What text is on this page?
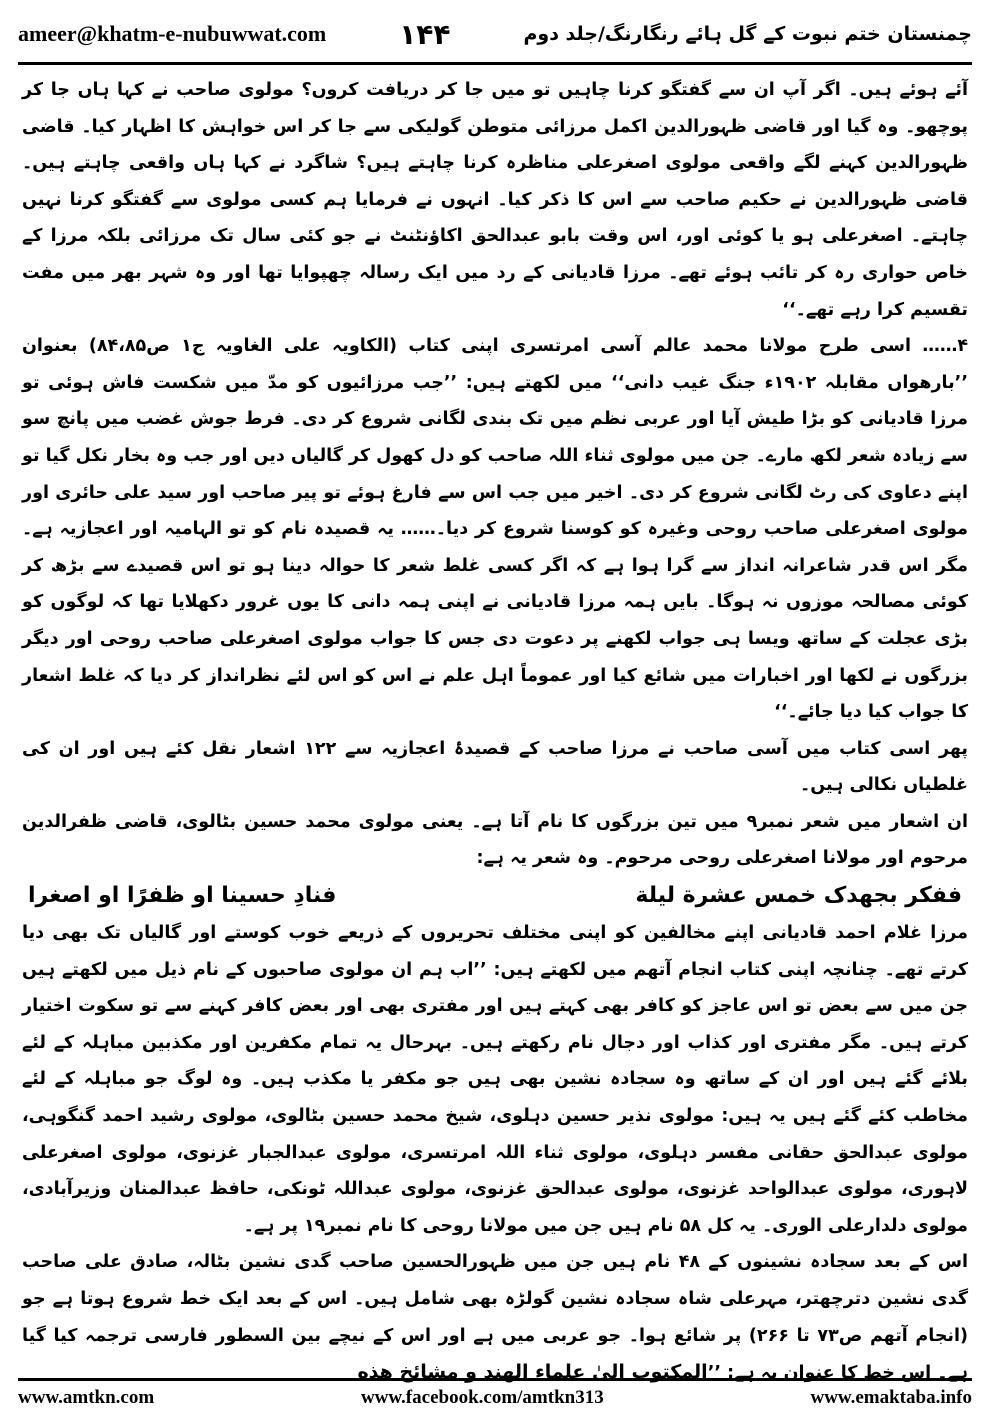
ameer@khatm-e-nubuwwat.com	۱۴۴	چمنستان ختم نبوت کے گل ہائے رنگارنگ/جلد دوم

آئے ہوئے ہیں۔ اگر آپ ان سے گفتگو کرنا چاہیں تو میں جا کر دریافت کروں؟ مولوی صاحب نے کہا ہاں جا کر پوچھو۔ وہ گیا اور قاضی ظہورالدین اکمل مرزائی متوطن گولیکی سے جا کر اس خواہش کا اظہار کیا۔ قاضی ظہورالدین کہنے لگے واقعی مولوی اصغرعلی مناظرہ کرنا چاہتے ہیں؟ شاگرد نے کہا ہاں واقعی چاہتے ہیں۔ قاضی ظہورالدین نے حکیم صاحب سے اس کا ذکر کیا۔ انہوں نے فرمایا ہم کسی مولوی سے گفتگو کرنا نہیں چاہتے۔ اصغرعلی ہو یا کوئی اور، اس وقت بابو عبدالحق اکاؤنٹنٹ نے جو کئی سال تک مرزائی بلکہ مرزا کے خاص حواری رہ کر تائب ہوئے تھے۔ مرزا قادیانی کے رد میں ایک رسالہ چھپوایا تھا اور وہ شہر بھر میں مفت تقسیم کرا رہے تھے۔‘‘

۴…… اسی طرح مولانا محمد عالم آسی امرتسری اپنی کتاب (الکاویہ علی الغاویہ ج۱ ص۸۴،۸۵) بعنوان ’’بارھواں مقابلہ ۱۹۰۲ء جنگ غیب دانی‘‘ میں لکھتے ہیں: ’’جب مرزائیوں کو مدّ میں شکست فاش ہوئی تو مرزا قادیانی کو بڑا طیش آیا اور عربی نظم میں تک بندی لگانی شروع کر دی۔ فرط جوش غضب میں پانچ سو سے زیادہ شعر لکھ مارے۔ جن میں مولوی ثناء اللہ صاحب کو دل کھول کر گالیاں دیں اور جب وہ بخار نکل گیا تو اپنے دعاوی کی رٹ لگانی شروع کر دی۔ اخیر میں جب اس سے فارغ ہوئے تو پیر صاحب اور سید علی حائری اور مولوی اصغرعلی صاحب روحی وغیرہ کو کوسنا شروع کر دیا۔…… یہ قصیدہ نام کو تو الہامیہ اور اعجازیہ ہے۔ مگر اس قدر شاعرانہ انداز سے گرا ہوا ہے کہ اگر کسی غلط شعر کا حوالہ دینا ہو تو اس قصیدے سے بڑھ کر کوئی مصالحہ موزوں نہ ہوگا۔ بایں ہمہ مرزا قادیانی نے اپنی ہمہ دانی کا یوں غرور دکھلایا تھا کہ لوگوں کو بڑی عجلت کے ساتھ ویسا ہی جواب لکھنے پر دعوت دی جس کا جواب مولوی اصغرعلی صاحب روحی اور دیگر بزرگوں نے لکھا اور اخبارات میں شائع کیا اور عموماً اہل علم نے اس کو اس لئے نظرانداز کر دیا کہ غلط اشعار کا جواب کیا دیا جائے۔‘‘

پھر اسی کتاب میں آسی صاحب نے مرزا صاحب کے قصیدۂ اعجازیہ سے ۱۲۲ اشعار نقل کئے ہیں اور ان کی غلطیاں نکالی ہیں۔

ان اشعار میں شعر نمبر۹ میں تین بزرگوں کا نام آتا ہے۔ یعنی مولوی محمد حسین بٹالوی، قاضی ظفرالدین مرحوم اور مولانا اصغرعلی روحی مرحوم۔ وہ شعر یہ ہے:

ففکر بجهدک خمس عشرة لیلة
فنادِ حسینا او ظفرًا او اصغرا

مرزا غلام احمد قادیانی اپنے مخالفین کو اپنی مختلف تحریروں کے ذریعے خوب کوستے اور گالیاں تک بھی دیا کرتے تھے۔ چنانچہ اپنی کتاب انجام آتھم میں لکھتے ہیں: ’’اب ہم ان مولوی صاحبوں کے نام ذیل میں لکھتے ہیں جن میں سے بعض تو اس عاجز کو کافر بھی کہتے ہیں اور مفتری بھی اور بعض کافر کہنے سے تو سکوت اختیار کرتے ہیں۔ مگر مفتری اور کذاب اور دجال نام رکھتے ہیں۔ بہرحال یہ تمام مکفرین اور مکذبین مباہلہ کے لئے بلائے گئے ہیں اور ان کے ساتھ وہ سجادہ نشین بھی ہیں جو مکفر یا مکذب ہیں۔ وہ لوگ جو مباہلہ کے لئے مخاطب کئے گئے ہیں یہ ہیں: مولوی نذیر حسین دہلوی، شیخ محمد حسین بٹالوی، مولوی رشید احمد گنگوہی، مولوی عبدالحق حقانی مفسر دہلوی، مولوی ثناء اللہ امرتسری، مولوی عبدالجبار غزنوی، مولوی اصغرعلی لاہوری، مولوی عبدالواحد غزنوی، مولوی عبدالحق غزنوی، مولوی عبداللہ ٹونکی، حافظ عبدالمنان وزیرآبادی، مولوی دلدارعلی الوری۔ یہ کل ۵۸ نام ہیں جن میں مولانا روحی کا نام نمبر۱۹ پر ہے۔

اس کے بعد سجادہ نشینوں کے ۴۸ نام ہیں جن میں ظہورالحسین صاحب گدی نشین بٹالہ، صادق علی صاحب گدی نشین دترچھتر، مہرعلی شاہ سجادہ نشین گولڑہ بھی شامل ہیں۔ اس کے بعد ایک خط شروع ہوتا ہے جو (انجام آتھم ص۷۳ تا ۲۶۶) پر شائع ہوا۔ جو عربی میں ہے اور اس کے نیچے بین السطور فارسی ترجمہ کیا گیا ہے۔ اس خط کا عنوان یہ ہے: ’’المکتوب الیٰ علماء الهند و مشائخ هذه

www.amtkn.com	www.facebook.com/amtkn313	www.emaktaba.info
